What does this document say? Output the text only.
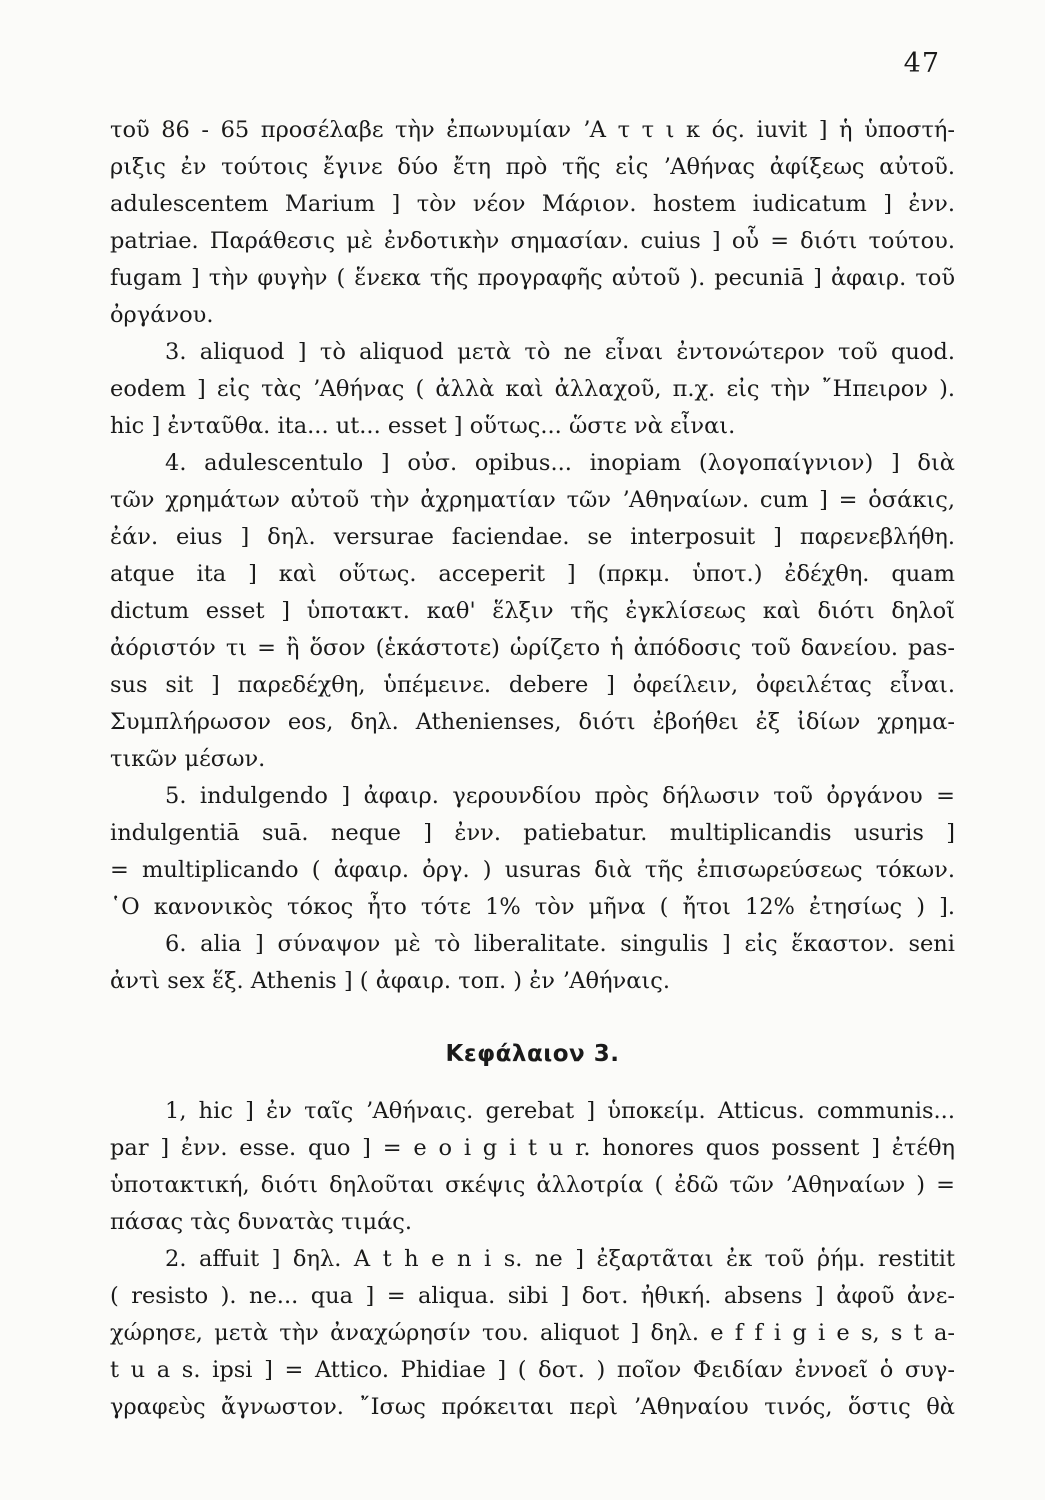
47
τοῦ 86 - 65 προσέλαβε τὴν ἐπωνυμίαν ʼΑ τ τ ι κ ός. iuvit ] ἡ ὑποστή-
ριξις ἐν τούτοις ἔγινε δύο ἔτη πρὸ τῆς εἰς ʼΑθήνας ἀφίξεως αὐτοῦ.
adulescentem Marium ] τὸν νέον Μάριον. hostem iudicatum ] ἐνν.
patriae. Παράθεσις μὲ ἐνδοτικὴν σημασίαν. cuius ] οὗ = διότι τούτου.
fugam ] τὴν φυγὴν ( ἕνεκα τῆς προγραφῆς αὐτοῦ ). pecuniā ] ἀφαιρ. τοῦ
ὀργάνου.
3. aliquod ] τὸ aliquod μετὰ τὸ ne εἶναι ἐντονώτερον τοῦ quod.
eodem ] εἰς τὰς ʼΑθήνας ( ἀλλὰ καὶ ἀλλαχοῦ, π.χ. εἰς τὴν ῎Ηπειρον ).
hic ] ἐνταῦθα. ita... ut... esset ] οὕτως... ὥστε νὰ εἶναι.
4. adulescentulo ] οὐσ. opibus... inopiam (λογοπαίγνιον) ] διὰ
τῶν χρημάτων αὐτοῦ τὴν ἀχρηματίαν τῶν ʼΑθηναίων. cum ] = ὁσάκις,
ἐάν. eius ] δηλ. versurae faciendae. se interposuit ] παρενεβλήθη.
atque ita ] καὶ οὕτως. acceperit ] (πρκμ. ὑποτ.) ἐδέχθη. quam
dictum esset ] ὑποτακτ. καθ' ἕλξιν τῆς ἐγκλίσεως καὶ διότι δηλοῖ
ἀόριστόν τι = ἢ ὅσον (ἑκάστοτε) ὡρίζετο ἡ ἀπόδοσις τοῦ δανείου. pas-
sus sit ] παρεδέχθη, ὑπέμεινε. debere ] ὀφείλειν, ὀφειλέτας εἶναι.
Συμπλήρωσον eos, δηλ. Athenienses, διότι ἐβοήθει ἐξ ἰδίων χρημα-
τικῶν μέσων.
5. indulgendo ] ἀφαιρ. γερουνδίου πρὸς δήλωσιν τοῦ ὀργάνου =
indulgentiā suā. neque ] ἐνν. patiebatur. multiplicandis usuris ]
= multiplicando ( ἀφαιρ. ὀργ. ) usuras διὰ τῆς ἐπισωρεύσεως τόκων.
῾Ο κανονικὸς τόκος ἦτο τότε 1% τὸν μῆνα ( ἤτοι 12% ἐτησίως ) ].
6. alia ] σύναψον μὲ τὸ liberalitate. singulis ] εἰς ἕκαστον. seni
ἀντὶ sex ἕξ. Athenis ] ( ἀφαιρ. τοπ. ) ἐν ʼΑθήναις.
Κεφάλαιον 3.
1, hic ] ἐν ταῖς ʼΑθήναις. gerebat ] ὑποκείμ. Atticus. communis...
par ] ἐνν. esse. quo ] = e o i g i t u r. honores quos possent ] ἐτέθη
ὑποτακτική, διότι δηλοῦται σκέψις ἀλλοτρία ( ἐδῶ τῶν ʼΑθηναίων ) =
πάσας τὰς δυνατὰς τιμάς.
2. affuit ] δηλ. A t h e n i s. ne ] ἐξαρτᾶται ἐκ τοῦ ῥήμ. restitit
( resisto ). ne... qua ] = aliqua. sibi ] δοτ. ἠθική. absens ] ἀφοῦ ἀνε-
χώρησε, μετὰ τὴν ἀναχώρησίν του. aliquot ] δηλ. e f f i g i e s, s t a-
t u a s. ipsi ] = Attico. Phidiae ] ( δοτ. ) ποῖον Φειδίαν ἐννοεῖ ὁ συγ-
γραφεὺς ἄγνωστον. ῎Ισως πρόκειται περὶ ʼΑθηναίου τινός, ὅστις θὰ
